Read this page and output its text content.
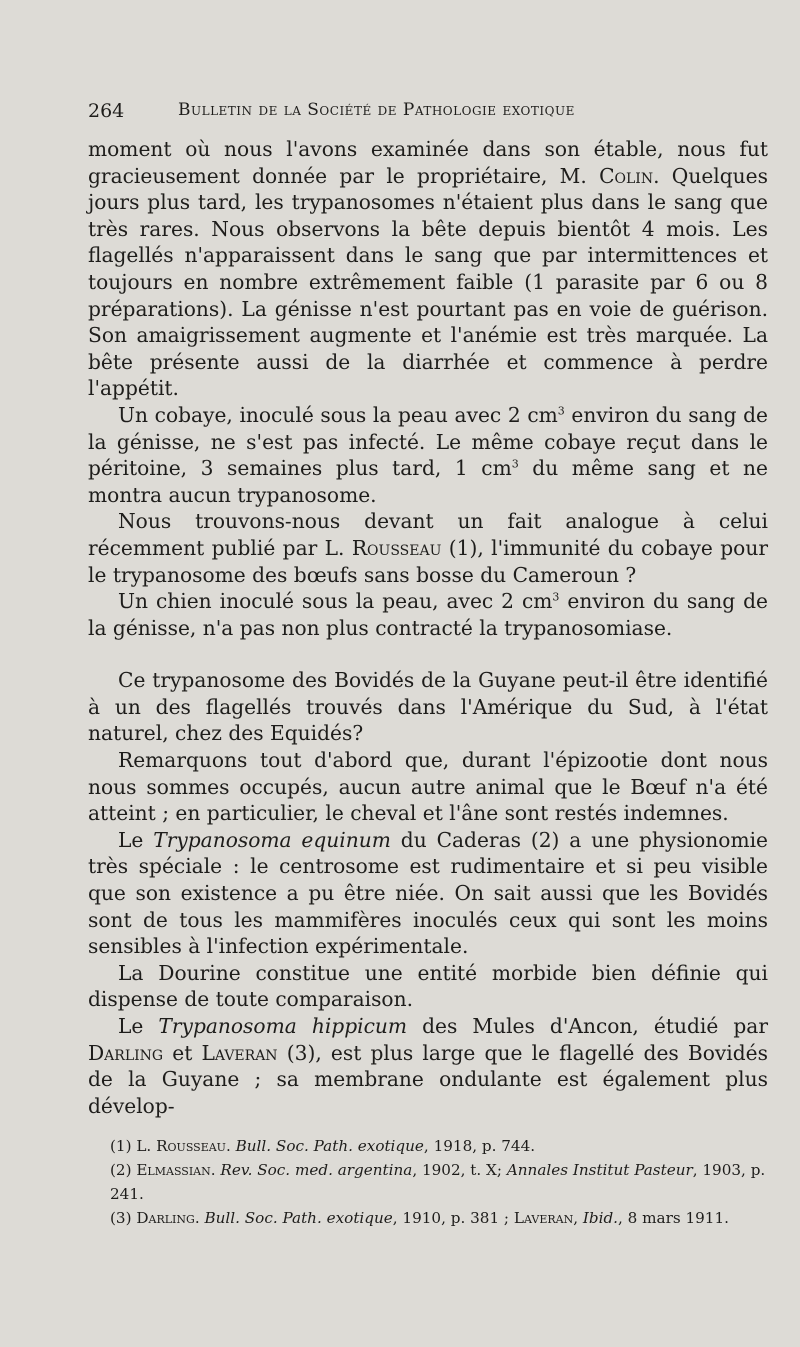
264	Bulletin de la Société de Pathologie exotique

moment où nous l'avons examinée dans son étable, nous fut gracieusement donnée par le propriétaire, M. Colin. Quelques jours plus tard, les trypanosomes n'étaient plus dans le sang que très rares. Nous observons la bête depuis bientôt 4 mois. Les flagellés n'apparaissent dans le sang que par intermittences et toujours en nombre extrêmement faible (1 parasite par 6 ou 8 préparations). La génisse n'est pourtant pas en voie de guérison. Son amaigrissement augmente et l'anémie est très marquée. La bête présente aussi de la diarrhée et commence à perdre l'appétit.

Un cobaye, inoculé sous la peau avec 2 $cm^3$ environ du sang de la génisse, ne s'est pas infecté. Le même cobaye reçut dans le péritoine, 3 semaines plus tard, 1 $cm^3$ du même sang et ne montra aucun trypanosome.

Nous trouvons-nous devant un fait analogue à celui récemment publié par L. Rousseau (1), l'immunité du cobaye pour le trypanosome des bœufs sans bosse du Cameroun ?

Un chien inoculé sous la peau, avec 2 $cm^3$ environ du sang de la génisse, n'a pas non plus contracté la trypanosomiase.

Ce trypanosome des Bovidés de la Guyane peut-il être identifié à un des flagellés trouvés dans l'Amérique du Sud, à l'état naturel, chez des Equidés?

Remarquons tout d'abord que, durant l'épizootie dont nous nous sommes occupés, aucun autre animal que le Bœuf n'a été atteint ; en particulier, le cheval et l'âne sont restés indemnes.

Le Trypanosoma equinum du Caderas (2) a une physionomie très spéciale : le centrosome est rudimentaire et si peu visible que son existence a pu être niée. On sait aussi que les Bovidés sont de tous les mammifères inoculés ceux qui sont les moins sensibles à l'infection expérimentale.

La Dourine constitue une entité morbide bien définie qui dispense de toute comparaison.

Le Trypanosoma hippicum des Mules d'Ancon, étudié par Darling et Laveran (3), est plus large que le flagellé des Bovidés de la Guyane ; sa membrane ondulante est également plus dévelop-

(1) L. Rousseau. Bull. Soc. Path. exotique, 1918, p. 744.

(2) Elmassian. Rev. Soc. med. argentina, 1902, t. X; Annales Institut Pasteur, 1903, p. 241.

(3) Darling. Bull. Soc. Path. exotique, 1910, p. 381 ; Laveran, Ibid., 8 mars 1911.
